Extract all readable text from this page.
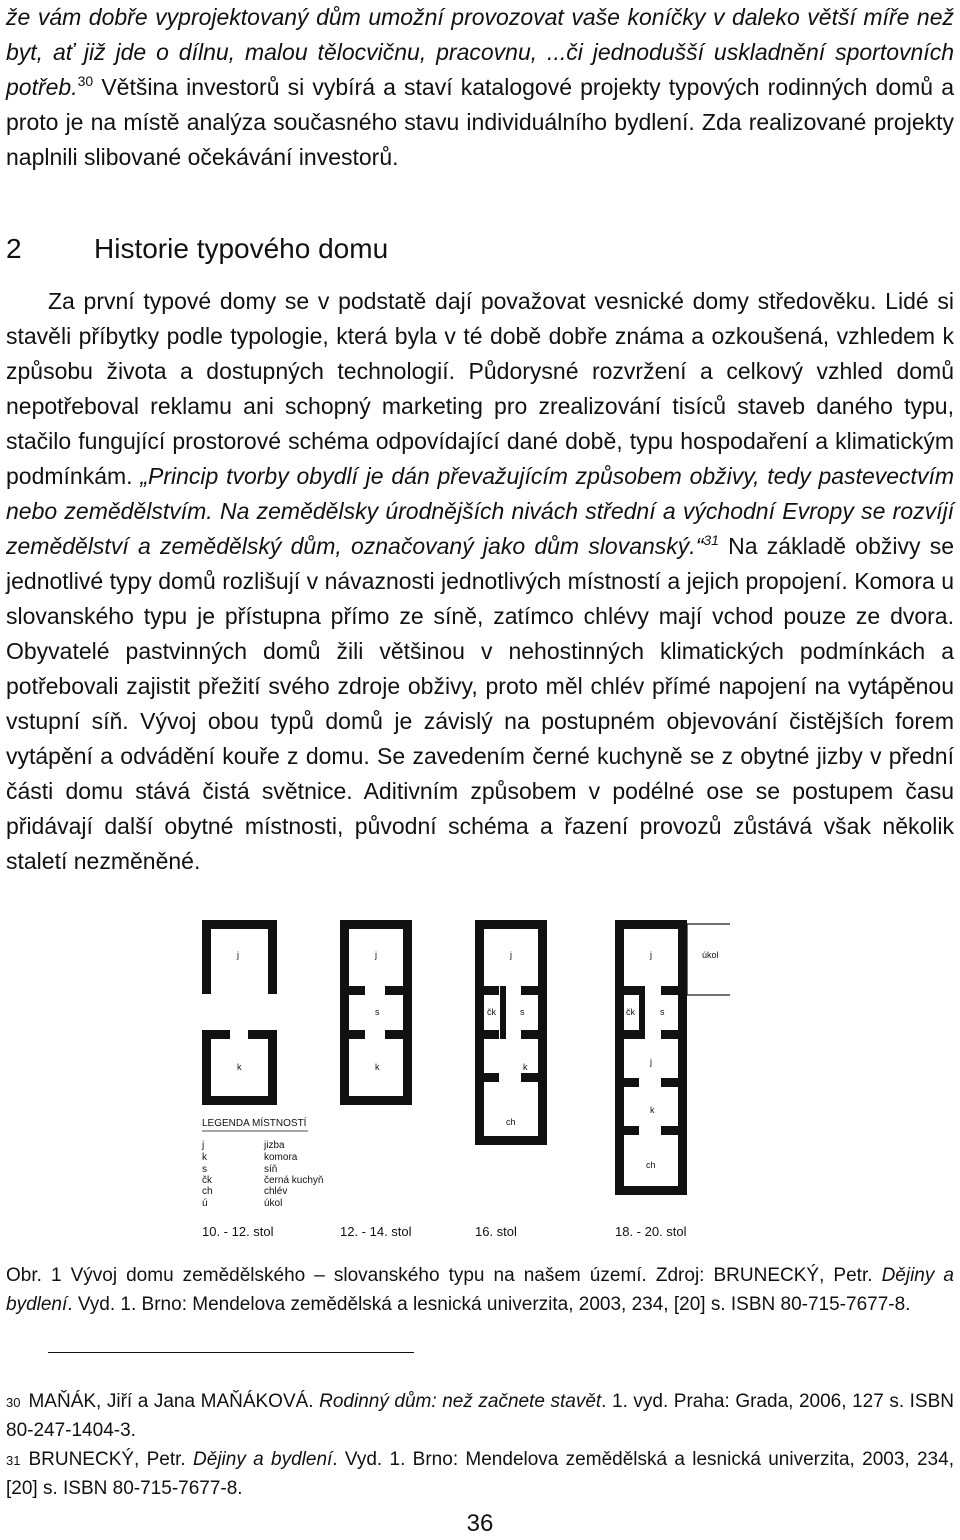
že vám dobře vyprojektovaný dům umožní provozovat vaše koníčky v daleko větší míře než byt, ať již jde o dílnu, malou tělocvičnu, pracovnu, ...či jednodušší uskladnění sportovních potřeb.$^{30}$ Většina investorů si vybírá a staví katalogové projekty typových rodinných domů a proto je na místě analýza současného stavu individuálního bydlení. Zda realizované projekty naplnili slibované očekávání investorů.

2	Historie typového domu

Za první typové domy se v podstatě dají považovat vesnické domy středověku. Lidé si stavěli příbytky podle typologie, která byla v té době dobře známa a ozkoušená, vzhledem k způsobu života a dostupných technologií. Půdorysné rozvržení a celkový vzhled domů nepotřeboval reklamu ani schopný marketing pro zrealizování tisíců staveb daného typu, stačilo fungující prostorové schéma odpovídající dané době, typu hospodaření a klimatickým podmínkám. „Princip tvorby obydlí je dán převažujícím způsobem obživy, tedy pastevectvím nebo zemědělstvím. Na zemědělsky úrodnějších nivách střední a východní Evropy se rozvíjí zemědělství a zemědělský dům, označovaný jako dům slovanský.“$^{31}$ Na základě obživy se jednotlivé typy domů rozlišují v návaznosti jednotlivých místností a jejich propojení. Komora u slovanského typu je přístupna přímo ze síně, zatímco chlévy mají vchod pouze ze dvora. Obyvatelé pastvinných domů žili většinou v nehostinných klimatických podmínkách a potřebovali zajistit přežití svého zdroje obživy, proto měl chlév přímé napojení na vytápěnou vstupní síň. Vývoj obou typů domů je závislý na postupném objevování čistějších forem vytápění a odvádění kouře z domu. Se zavedením černé kuchyně se z obytné jizby v přední části domu stává čistá světnice. Aditivním způsobem v podélné ose se postupem času přidávají další obytné místnosti, původní schéma a řazení provozů zůstává však několik staletí nezměněné.

j
k
j
s
k
j
čk	s
k
ch
j	úkol
čk	s
j
k
ch
LEGENDA MÍSTNOSTÍ
j	jizba
k	komora
s	síň
čk	černá kuchyň
ch	chlév
ú	úkol
10. - 12. stol	12. - 14. stol	16. stol	18. - 20. stol

Obr. 1 Vývoj domu zemědělského – slovanského typu na našem území. Zdroj: BRUNECKÝ, Petr. Dějiny a bydlení. Vyd. 1. Brno: Mendelova zemědělská a lesnická univerzita, 2003, 234, [20] s. ISBN 80-715-7677-8.

30 MAŇÁK, Jiří a Jana MAŇÁKOVÁ. Rodinný dům: než začnete stavět. 1. vyd. Praha: Grada, 2006, 127 s. ISBN 80-247-1404-3.

31 BRUNECKÝ, Petr. Dějiny a bydlení. Vyd. 1. Brno: Mendelova zemědělská a lesnická univerzita, 2003, 234, [20] s. ISBN 80-715-7677-8.

36
